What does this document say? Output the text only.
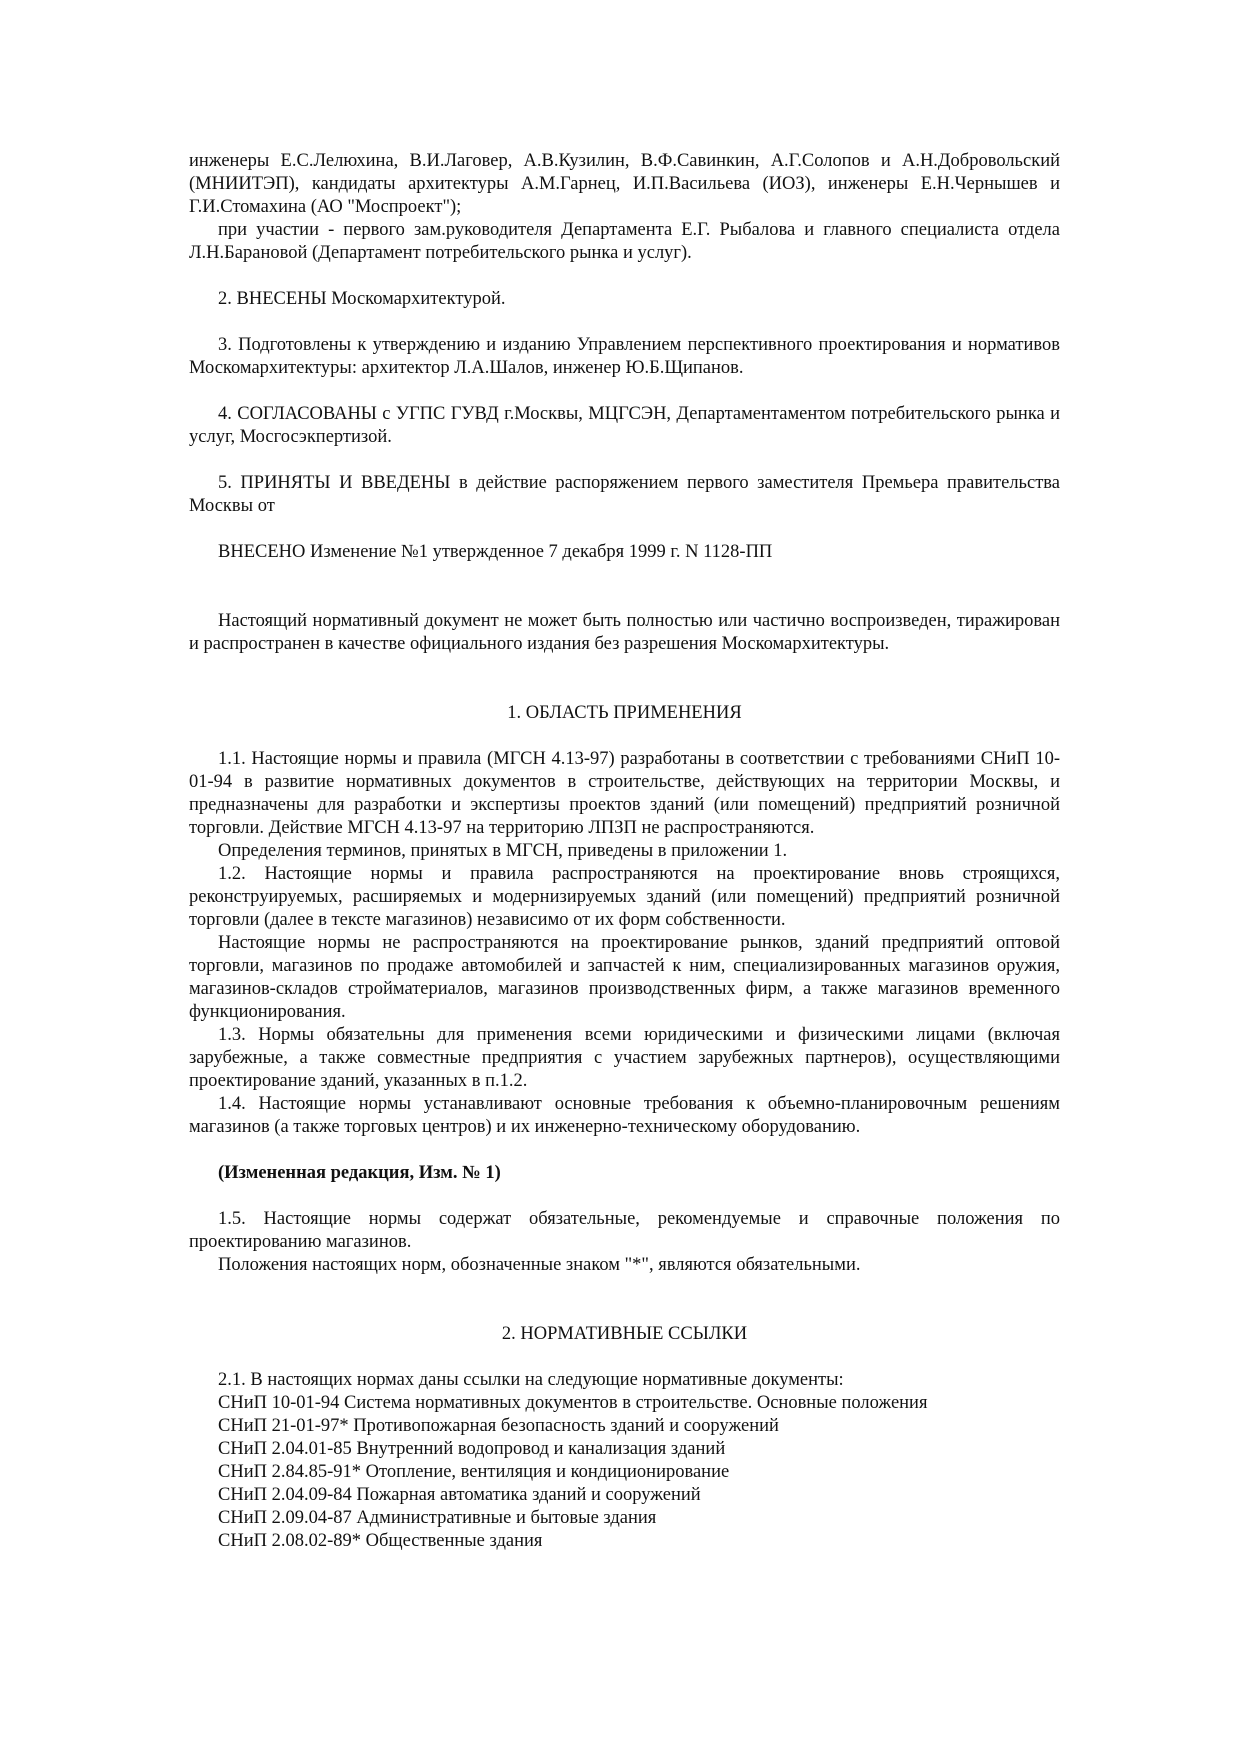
инженеры Е.С.Лелюхина, В.И.Лаговер, А.В.Кузилин, В.Ф.Савинкин, А.Г.Солопов и А.Н.Добровольский (МНИИТЭП), кандидаты архитектуры А.М.Гарнец, И.П.Васильева (ИОЗ), инженеры Е.Н.Чернышев и Г.И.Стомахина (АО "Моспроект");

при участии - первого зам.руководителя Департамента Е.Г. Рыбалова и главного специалиста отдела Л.Н.Барановой (Департамент потребительского рынка и услуг).

2. ВНЕСЕНЫ Москомархитектурой.

3. Подготовлены к утверждению и изданию Управлением перспективного проектирования и нормативов Москомархитектуры: архитектор Л.А.Шалов, инженер Ю.Б.Щипанов.

4. СОГЛАСОВАНЫ с УГПС ГУВД г.Москвы, МЦГСЭН, Департаментаментом потребительского рынка и услуг, Мосгосэкпертизой.

5. ПРИНЯТЫ И ВВЕДЕНЫ в действие распоряжением первого заместителя Премьера правительства Москвы от

ВНЕСЕНО Изменение №1 утвержденное 7 декабря 1999 г. N 1128-ПП

Настоящий нормативный документ не может быть полностью или частично воспроизведен, тиражирован и распространен в качестве официального издания без разрешения Москомархитектуры.

1. ОБЛАСТЬ ПРИМЕНЕНИЯ

1.1. Настоящие нормы и правила (МГСН 4.13-97) разработаны в соответствии с требованиями СНиП 10-01-94 в развитие нормативных документов в строительстве, действующих на территории Москвы, и предназначены для разработки и экспертизы проектов зданий (или помещений) предприятий розничной торговли. Действие МГСН 4.13-97 на территорию ЛПЗП не распространяются.

Определения терминов, принятых в МГСН, приведены в приложении 1.

1.2. Настоящие нормы и правила распространяются на проектирование вновь строящихся, реконструируемых, расширяемых и модернизируемых зданий (или помещений) предприятий розничной торговли (далее в тексте магазинов) независимо от их форм собственности.

Настоящие нормы не распространяются на проектирование рынков, зданий предприятий оптовой торговли, магазинов по продаже автомобилей и запчастей к ним, специализированных магазинов оружия, магазинов-складов стройматериалов, магазинов производственных фирм, а также магазинов временного функционирования.

1.3. Нормы обязательны для применения всеми юридическими и физическими лицами (включая зарубежные, а также совместные предприятия с участием зарубежных партнеров), осуществляющими проектирование зданий, указанных в п.1.2.

1.4. Настоящие нормы устанавливают основные требования к объемно-планировочным решениям магазинов (а также торговых центров) и их инженерно-техническому оборудованию.

(Измененная редакция, Изм. № 1)

1.5. Настоящие нормы содержат обязательные, рекомендуемые и справочные положения по проектированию магазинов.

Положения настоящих норм, обозначенные знаком "*", являются обязательными.

2. НОРМАТИВНЫЕ ССЫЛКИ

2.1. В настоящих нормах даны ссылки на следующие нормативные документы:

СНиП 10-01-94 Система нормативных документов в строительстве. Основные положения

СНиП 21-01-97* Противопожарная безопасность зданий и сооружений

СНиП 2.04.01-85 Внутренний водопровод и канализация зданий

СНиП 2.84.85-91* Отопление, вентиляция и кондиционирование

СНиП 2.04.09-84 Пожарная автоматика зданий и сооружений

СНиП 2.09.04-87 Административные и бытовые здания

СНиП 2.08.02-89* Общественные здания
